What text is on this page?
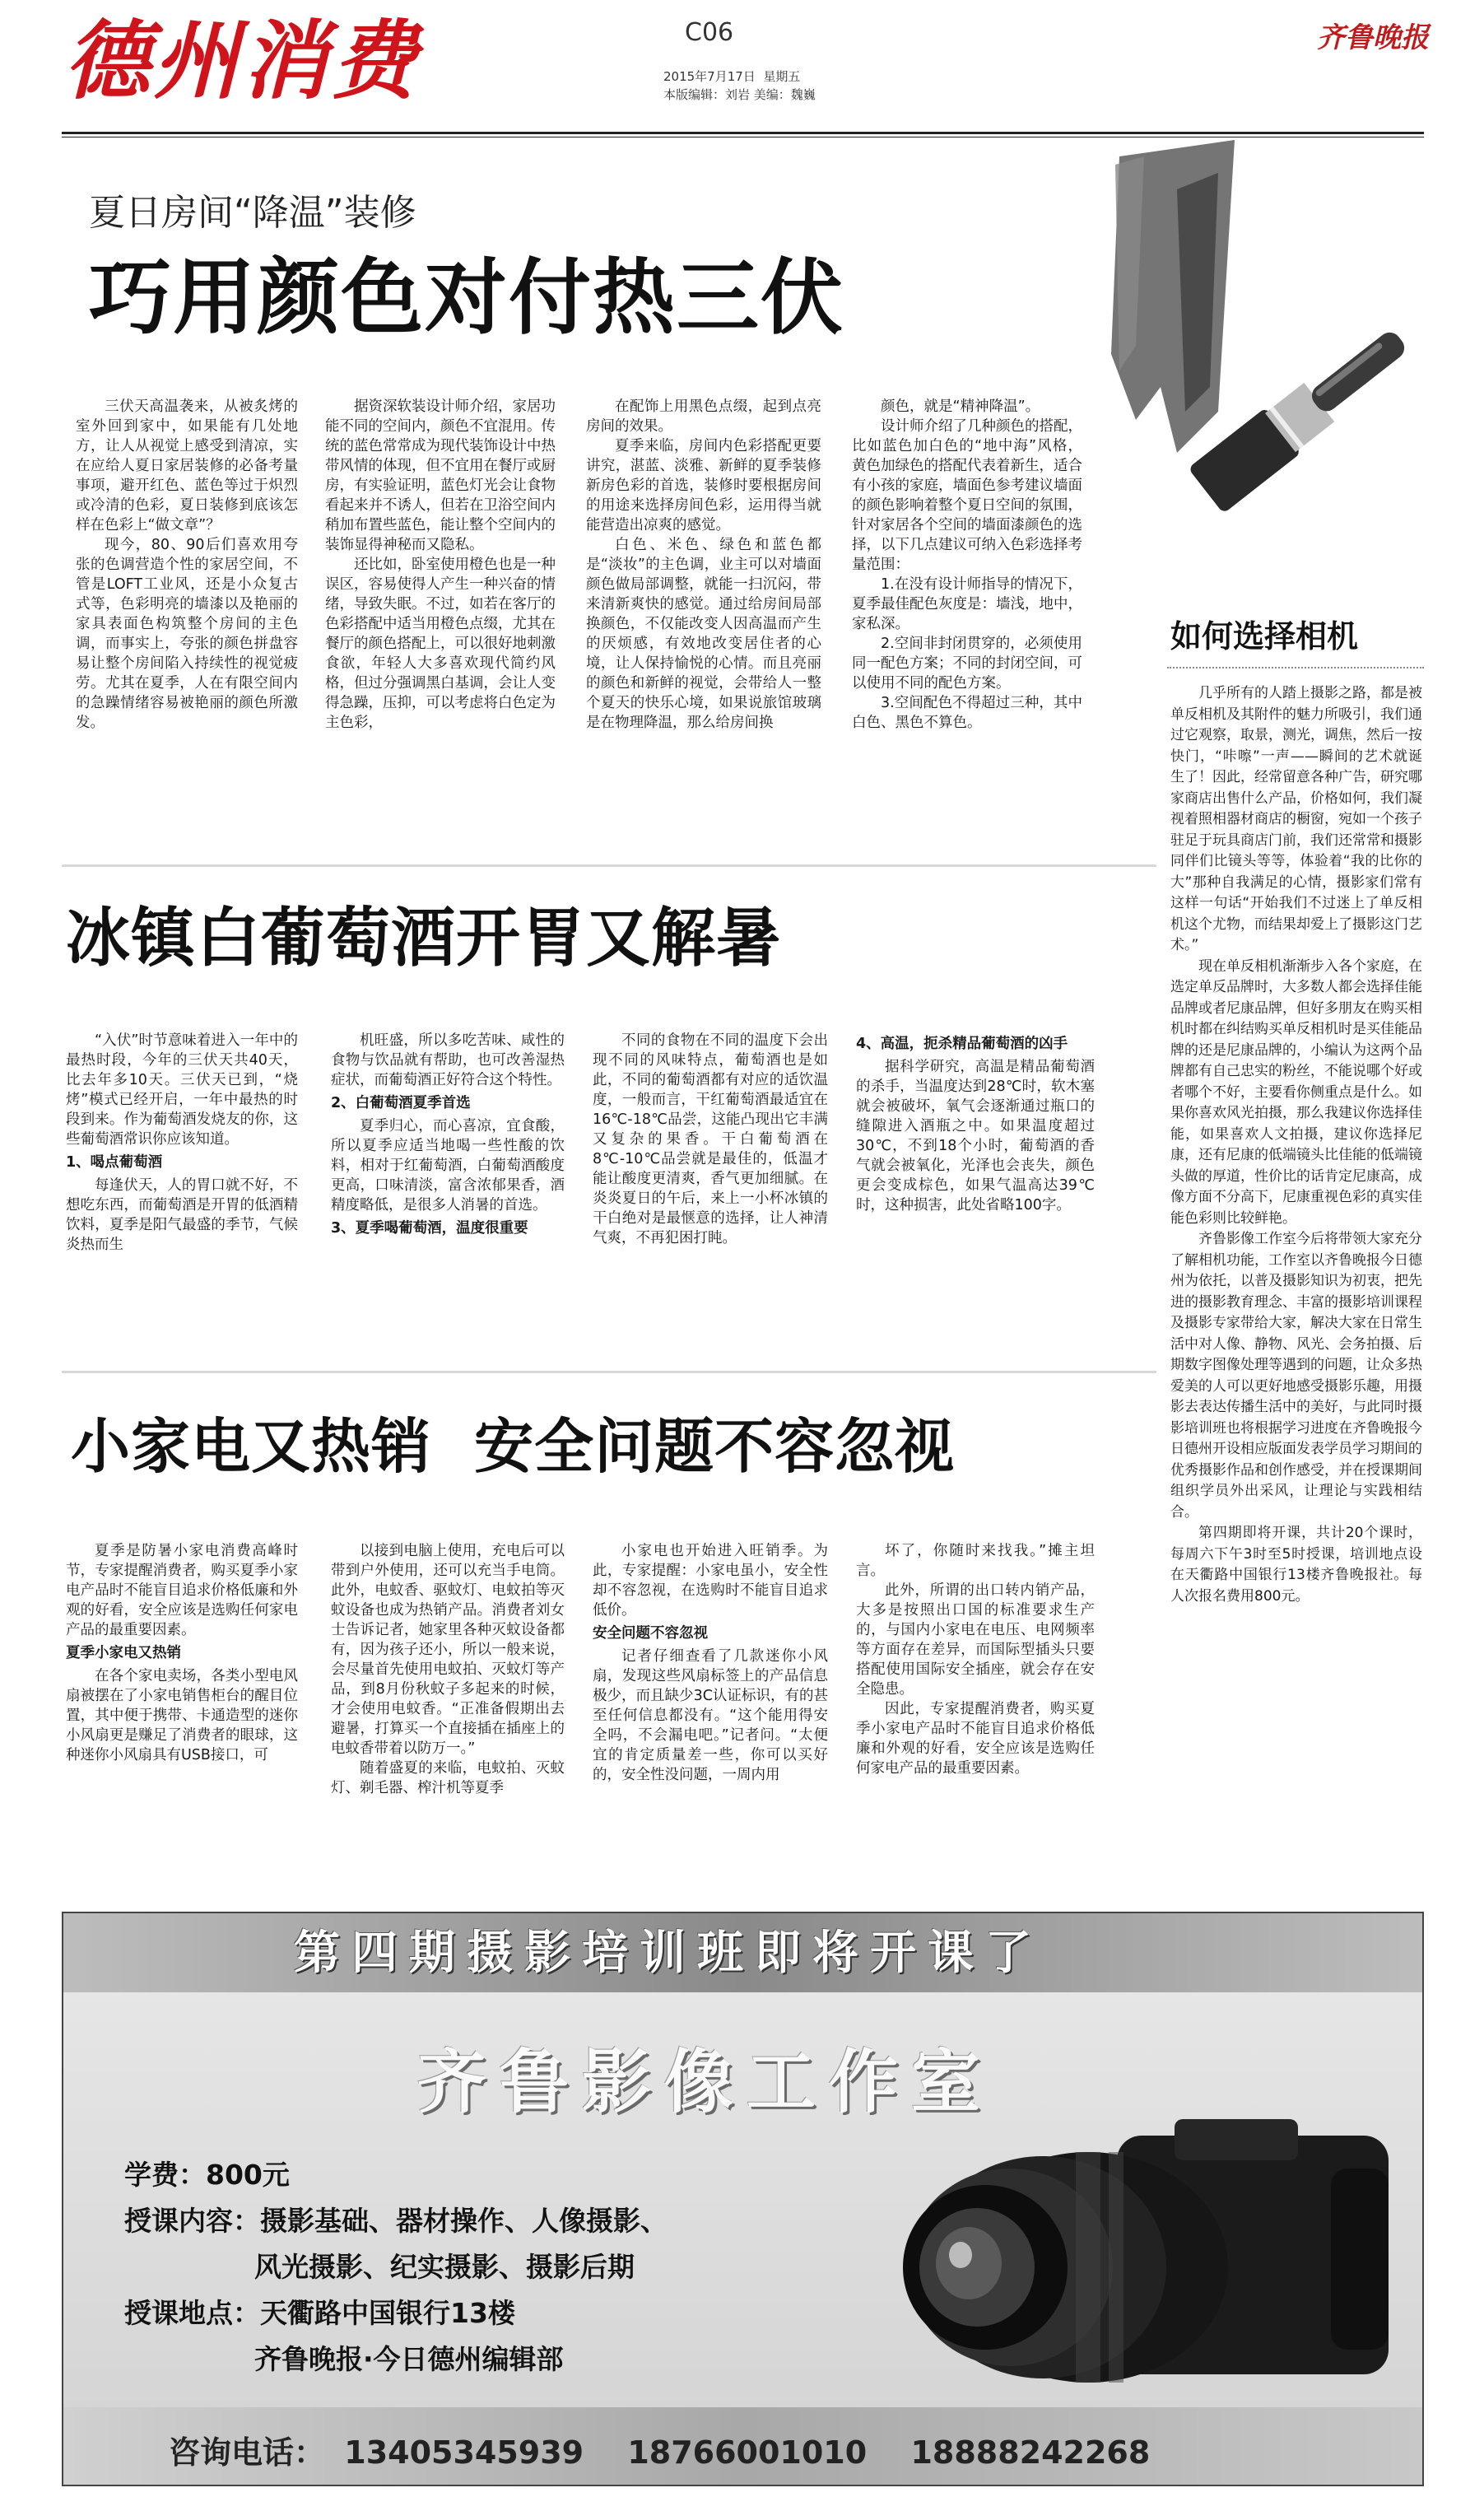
德州消费	C06
2015年7月17日 星期五
本版编辑：刘岩 美编：魏巍
齐鲁晚报
夏日房间“降温”装修
巧用颜色对付热三伏

三伏天高温袭来，从被炙烤的室外回到家中，如果能有几处地方，让人从视觉上感受到清凉，实在应给人夏日家居装修的必备考量事项，避开红色、蓝色等过于炽烈或冷清的色彩，夏日装修到底该怎样在色彩上“做文章”？

现今，80、90后们喜欢用夸张的色调营造个性的家居空间，不管是LOFT工业风，还是小众复古式等，色彩明亮的墙漆以及艳丽的家具表面色构筑整个房间的主色调，而事实上，夸张的颜色拼盘容易让整个房间陷入持续性的视觉疲劳。尤其在夏季，人在有限空间内的急躁情绪容易被艳丽的颜色所激发。

据资深软装设计师介绍，家居功能不同的空间内，颜色不宜混用。传统的蓝色常常成为现代装饰设计中热带风情的体现，但不宜用在餐厅或厨房，有实验证明，蓝色灯光会让食物看起来并不诱人，但若在卫浴空间内稍加布置些蓝色，能让整个空间内的装饰显得神秘而又隐私。

还比如，卧室使用橙色也是一种误区，容易使得人产生一种兴奋的情绪，导致失眠。不过，如若在客厅的色彩搭配中适当用橙色点缀，尤其在餐厅的颜色搭配上，可以很好地刺激食欲，年轻人大多喜欢现代简约风格，但过分强调黑白基调，会让人变得急躁，压抑，可以考虑将白色定为主色彩，

在配饰上用黑色点缀，起到点亮房间的效果。

夏季来临，房间内色彩搭配更要讲究，湛蓝、淡雅、新鲜的夏季装修新房色彩的首选，装修时要根据房间的用途来选择房间色彩，运用得当就能营造出凉爽的感觉。

白色、米色、绿色和蓝色都是“淡妆”的主色调，业主可以对墙面颜色做局部调整，就能一扫沉闷，带来清新爽快的感觉。通过给房间局部换颜色，不仅能改变人因高温而产生的厌烦感，有效地改变居住者的心境，让人保持愉悦的心情。而且亮丽的颜色和新鲜的视觉，会带给人一整个夏天的快乐心境，如果说旅馆玻璃是在物理降温，那么给房间换

颜色，就是“精神降温”。

设计师介绍了几种颜色的搭配，比如蓝色加白色的“地中海”风格，黄色加绿色的搭配代表着新生，适合有小孩的家庭，墙面色参考建议墙面的颜色影响着整个夏日空间的氛围，针对家居各个空间的墙面漆颜色的选择，以下几点建议可纳入色彩选择考量范围：

1.在没有设计师指导的情况下，夏季最佳配色灰度是：墙浅，地中，家私深。

2.空间非封闭贯穿的，必须使用同一配色方案；不同的封闭空间，可以使用不同的配色方案。

3.空间配色不得超过三种，其中白色、黑色不算色。

如何选择相机

几乎所有的人踏上摄影之路，都是被单反相机及其附件的魅力所吸引，我们通过它观察，取景，测光，调焦，然后一按快门，“咔嚓”一声——瞬间的艺术就诞生了！因此，经常留意各种广告，研究哪家商店出售什么产品，价格如何，我们凝视着照相器材商店的橱窗，宛如一个孩子驻足于玩具商店门前，我们还常常和摄影同伴们比镜头等等，体验着“我的比你的大”那种自我满足的心情，摄影家们常有这样一句话“开始我们不过迷上了单反相机这个尤物，而结果却爱上了摄影这门艺术。”

现在单反相机渐渐步入各个家庭，在选定单反品牌时，大多数人都会选择佳能品牌或者尼康品牌，但好多朋友在购买相机时都在纠结购买单反相机时是买佳能品牌的还是尼康品牌的，小编认为这两个品牌都有自己忠实的粉丝，不能说哪个好或者哪个不好，主要看你侧重点是什么。如果你喜欢风光拍摄，那么我建议你选择佳能，如果喜欢人文拍摄，建议你选择尼康，还有尼康的低端镜头比佳能的低端镜头做的厚道，性价比的话肯定尼康高，成像方面不分高下，尼康重视色彩的真实佳能色彩则比较鲜艳。

齐鲁影像工作室今后将带领大家充分了解相机功能，工作室以齐鲁晚报今日德州为依托，以普及摄影知识为初衷，把先进的摄影教育理念、丰富的摄影培训课程及摄影专家带给大家，解决大家在日常生活中对人像、静物、风光、会务拍摄、后期数字图像处理等遇到的问题，让众多热爱美的人可以更好地感受摄影乐趣，用摄影去表达传播生活中的美好，与此同时摄影培训班也将根据学习进度在齐鲁晚报今日德州开设相应版面发表学员学习期间的优秀摄影作品和创作感受，并在授课期间组织学员外出采风，让理论与实践相结合。

第四期即将开课，共计20个课时，每周六下午3时至5时授课，培训地点设在天衢路中国银行13楼齐鲁晚报社。每人次报名费用800元。

冰镇白葡萄酒开胃又解暑

“入伏”时节意味着进入一年中的最热时段，今年的三伏天共40天，比去年多10天。三伏天已到，“烧烤”模式已经开启，一年中最热的时段到来。作为葡萄酒发烧友的你，这些葡萄酒常识你应该知道。

1、喝点葡萄酒

每逢伏天，人的胃口就不好，不想吃东西，而葡萄酒是开胃的低酒精饮料，夏季是阳气最盛的季节，气候炎热而生

机旺盛，所以多吃苦味、咸性的食物与饮品就有帮助，也可改善湿热症状，而葡萄酒正好符合这个特性。

2、白葡萄酒夏季首选

夏季归心，而心喜凉，宜食酸，所以夏季应适当地喝一些性酸的饮料，相对于红葡萄酒，白葡萄酒酸度更高，口味清淡，富含浓郁果香，酒精度略低，是很多人消暑的首选。

3、夏季喝葡萄酒，温度很重要

不同的食物在不同的温度下会出现不同的风味特点，葡萄酒也是如此，不同的葡萄酒都有对应的适饮温度，一般而言，干红葡萄酒最适宜在16℃-18℃品尝，这能凸现出它丰满又复杂的果香。干白葡萄酒在8℃-10℃品尝就是最佳的，低温才能让酸度更清爽，香气更加细腻。在炎炎夏日的午后，来上一小杯冰镇的干白绝对是最惬意的选择，让人神清气爽，不再犯困打盹。

4、高温，扼杀精品葡萄酒的凶手

据科学研究，高温是精品葡萄酒的杀手，当温度达到28℃时，软木塞就会被破坏，氧气会逐渐通过瓶口的缝隙进入酒瓶之中。如果温度超过30℃，不到18个小时，葡萄酒的香气就会被氧化，光泽也会丧失，颜色更会变成棕色，如果气温高达39℃时，这种损害，此处省略100字。

小家电又热销  安全问题不容忽视

夏季是防暑小家电消费高峰时节，专家提醒消费者，购买夏季小家电产品时不能盲目追求价格低廉和外观的好看，安全应该是选购任何家电产品的最重要因素。

夏季小家电又热销

在各个家电卖场，各类小型电风扇被摆在了小家电销售柜台的醒目位置，其中便于携带、卡通造型的迷你小风扇更是赚足了消费者的眼球，这种迷你小风扇具有USB接口，可

以接到电脑上使用，充电后可以带到户外使用，还可以充当手电筒。此外，电蚊香、驱蚊灯、电蚊拍等灭蚊设备也成为热销产品。消费者刘女士告诉记者，她家里各种灭蚊设备都有，因为孩子还小，所以一般来说，会尽量首先使用电蚊拍、灭蚊灯等产品，到8月份秋蚊子多起来的时候，才会使用电蚊香。“正准备假期出去避暑，打算买一个直接插在插座上的电蚊香带着以防万一。”

随着盛夏的来临，电蚊拍、灭蚊灯、剃毛器、榨汁机等夏季

小家电也开始进入旺销季。为此，专家提醒：小家电虽小，安全性却不容忽视，在选购时不能盲目追求低价。

安全问题不容忽视

记者仔细查看了几款迷你小风扇，发现这些风扇标签上的产品信息极少，而且缺少3C认证标识，有的甚至任何信息都没有。“这个能用得安全吗，不会漏电吧。”记者问。“太便宜的肯定质量差一些，你可以买好的，安全性没问题，一周内用

坏了，你随时来找我。”摊主坦言。

此外，所谓的出口转内销产品，大多是按照出口国的标准要求生产的，与国内小家电在电压、电网频率等方面存在差异，而国际型插头只要搭配使用国际安全插座，就会存在安全隐患。

因此，专家提醒消费者，购买夏季小家电产品时不能盲目追求价格低廉和外观的好看，安全应该是选购任何家电产品的最重要因素。

第四期摄影培训班即将开课了
齐鲁影像工作室
学费：800元
授课内容：摄影基础、器材操作、人像摄影、
风光摄影、纪实摄影、摄影后期
授课地点：天衢路中国银行13楼
齐鲁晚报·今日德州编辑部
咨询电话： 13405345939 18766001010 18888242268
